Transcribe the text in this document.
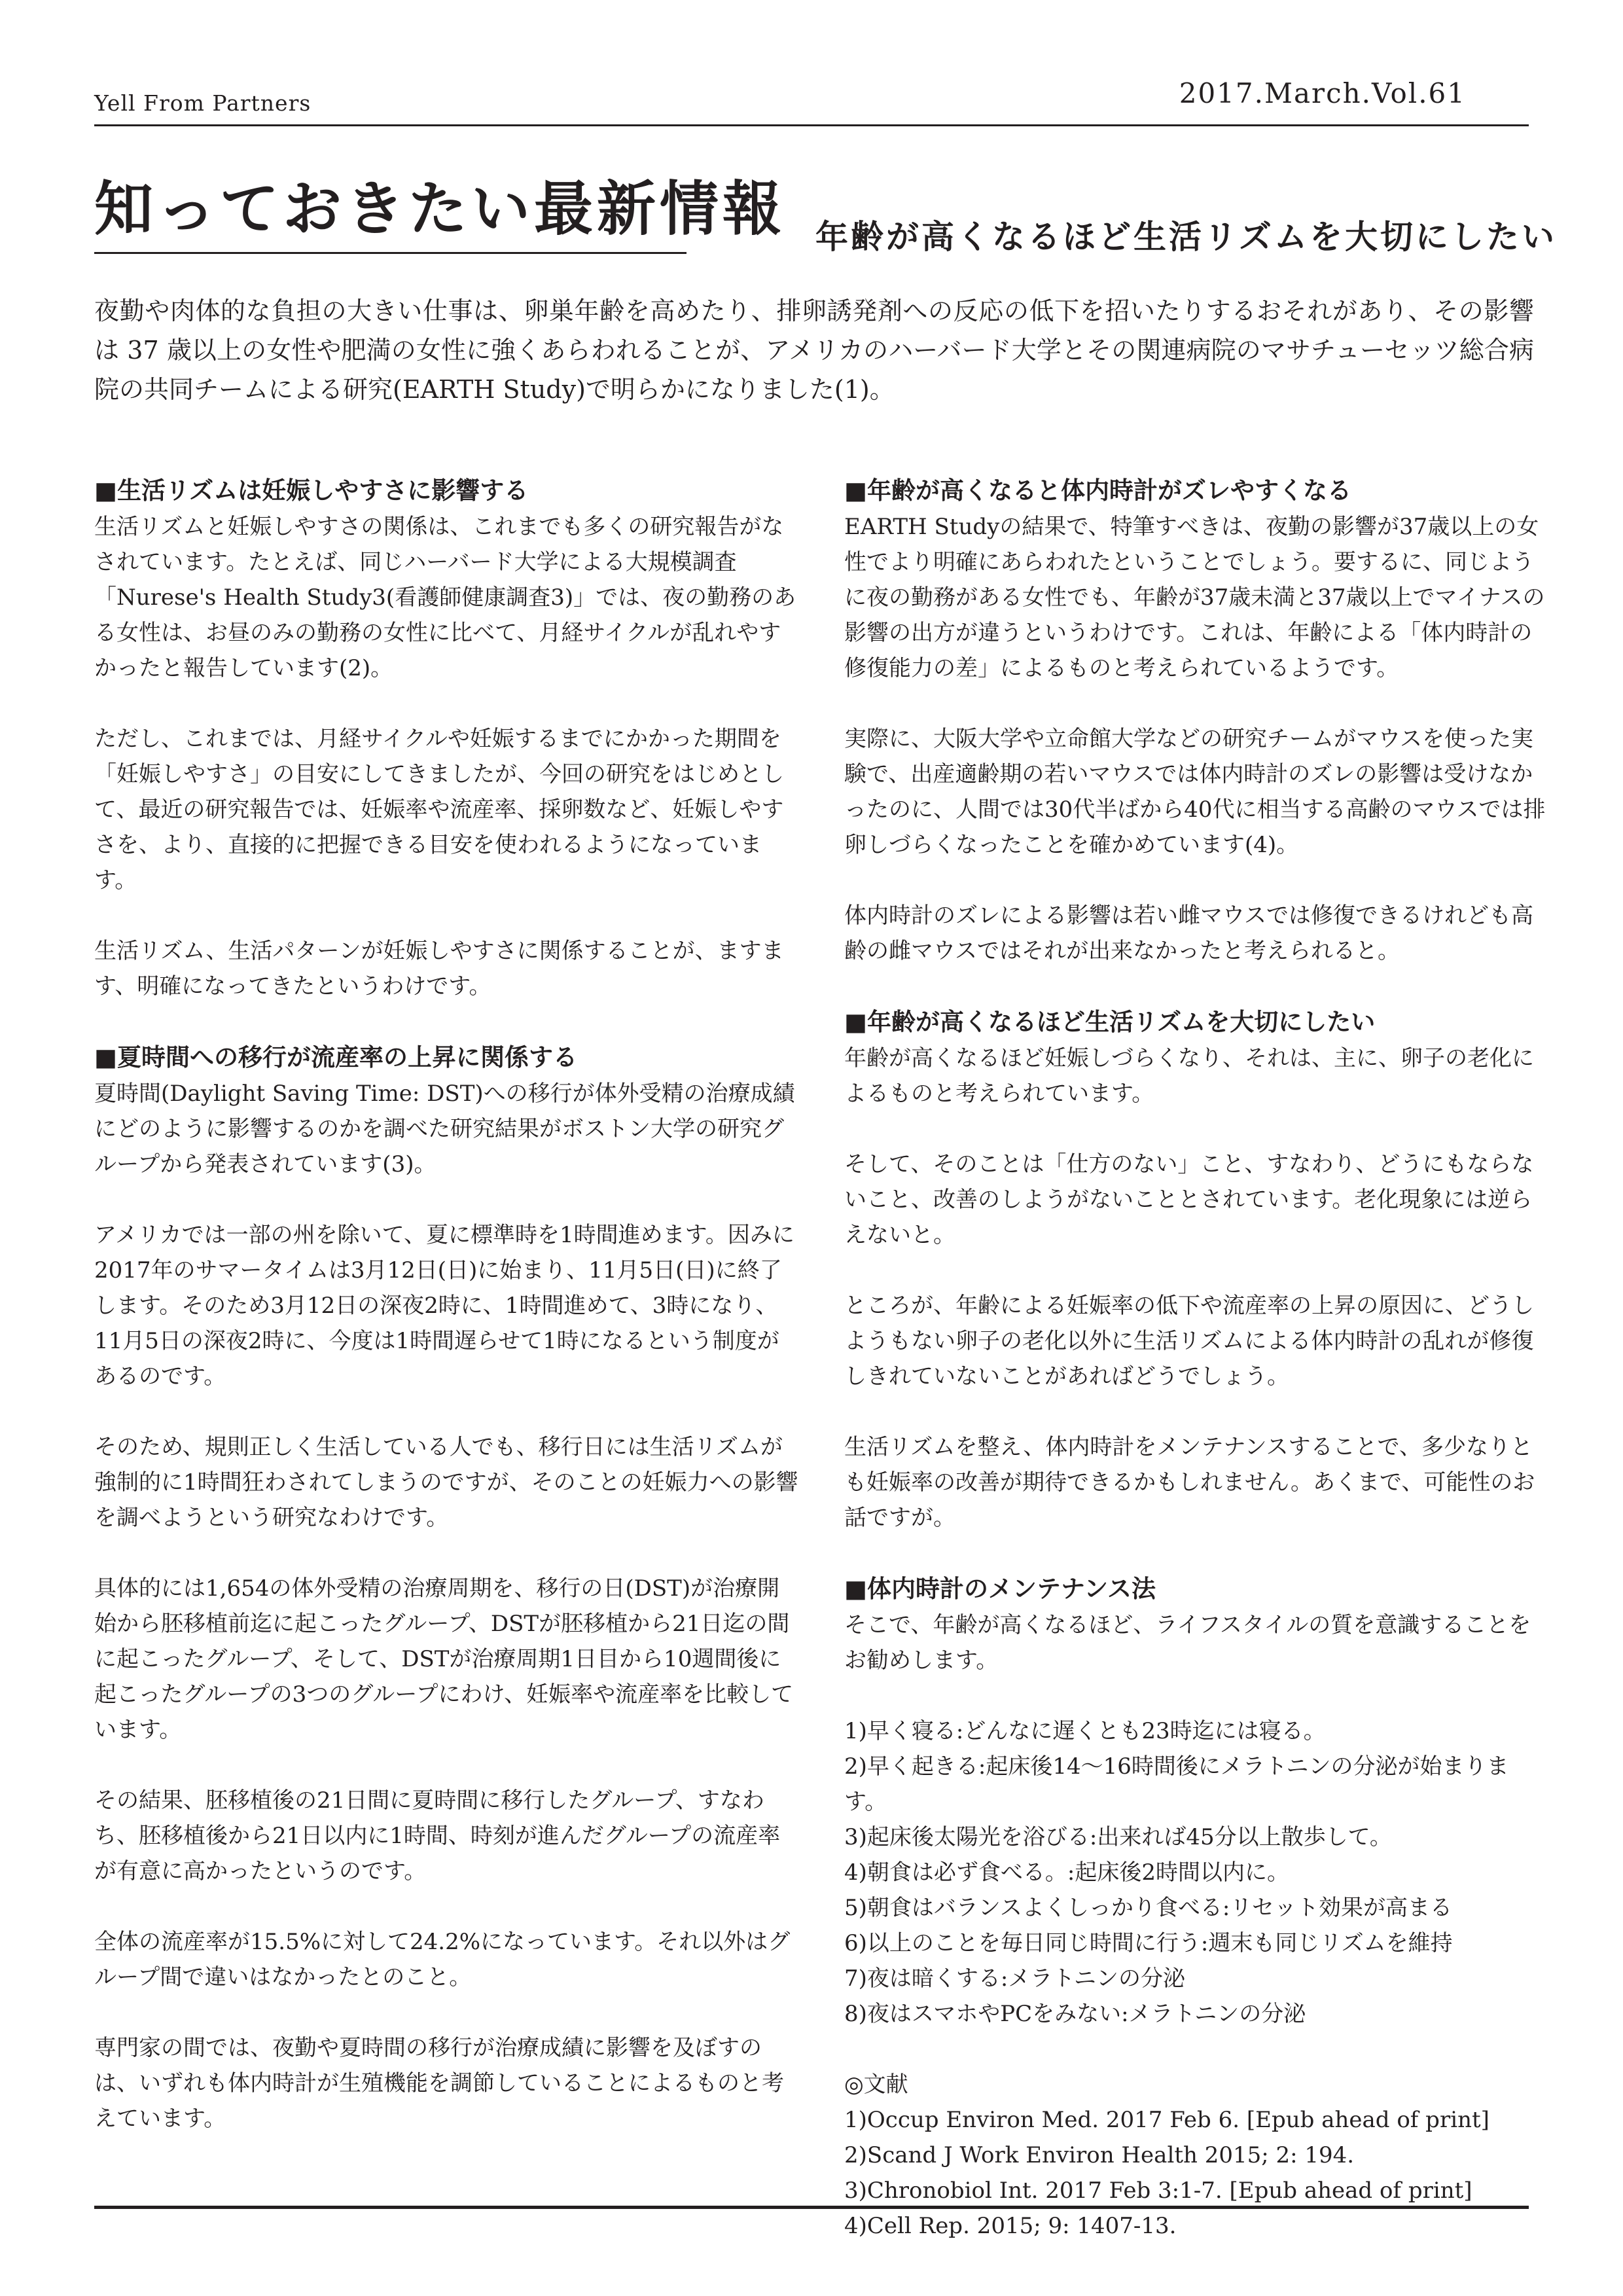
Yell From Partners	2017.March.Vol.61
知っておきたい最新情報 年齢が高くなるほど生活リズムを大切にしたい

夜勤や肉体的な負担の大きい仕事は、卵巣年齢を高めたり、排卵誘発剤への反応の低下を招いたりするおそれがあり、その影響は 37 歳以上の女性や肥満の女性に強くあらわれることが、アメリカのハーバード大学とその関連病院のマサチューセッツ総合病院の共同チームによる研究(EARTH Study)で明らかになりました(1)。

■生活リズムは妊娠しやすさに影響する

生活リズムと妊娠しやすさの関係は、これまでも多くの研究報告がなされています。たとえば、同じハーバード大学による大規模調査「Nurese's Health Study3(看護師健康調査3)」では、夜の勤務のある女性は、お昼のみの勤務の女性に比べて、月経サイクルが乱れやすかったと報告しています(2)。

ただし、これまでは、月経サイクルや妊娠するまでにかかった期間を「妊娠しやすさ」の目安にしてきましたが、今回の研究をはじめとして、最近の研究報告では、妊娠率や流産率、採卵数など、妊娠しやすさを、より、直接的に把握できる目安を使われるようになっています。

生活リズム、生活パターンが妊娠しやすさに関係することが、ますます、明確になってきたというわけです。

■夏時間への移行が流産率の上昇に関係する

夏時間(Daylight Saving Time: DST)への移行が体外受精の治療成績にどのように影響するのかを調べた研究結果がボストン大学の研究グループから発表されています(3)。

アメリカでは一部の州を除いて、夏に標準時を1時間進めます。因みに2017年のサマータイムは3月12日(日)に始まり、11月5日(日)に終了します。そのため3月12日の深夜2時に、1時間進めて、3時になり、11月5日の深夜2時に、今度は1時間遅らせて1時になるという制度があるのです。

そのため、規則正しく生活している人でも、移行日には生活リズムが強制的に1時間狂わされてしまうのですが、そのことの妊娠力への影響を調べようという研究なわけです。

具体的には1,654の体外受精の治療周期を、移行の日(DST)が治療開始から胚移植前迄に起こったグループ、DSTが胚移植から21日迄の間に起こったグループ、そして、DSTが治療周期1日目から10週間後に起こったグループの3つのグループにわけ、妊娠率や流産率を比較しています。

その結果、胚移植後の21日間に夏時間に移行したグループ、すなわち、胚移植後から21日以内に1時間、時刻が進んだグループの流産率が有意に高かったというのです。

全体の流産率が15.5%に対して24.2%になっています。それ以外はグループ間で違いはなかったとのこと。

専門家の間では、夜勤や夏時間の移行が治療成績に影響を及ぼすのは、いずれも体内時計が生殖機能を調節していることによるものと考えています。

■年齢が高くなると体内時計がズレやすくなる

EARTH Studyの結果で、特筆すべきは、夜勤の影響が37歳以上の女性でより明確にあらわれたということでしょう。要するに、同じように夜の勤務がある女性でも、年齢が37歳未満と37歳以上でマイナスの影響の出方が違うというわけです。これは、年齢による「体内時計の修復能力の差」によるものと考えられているようです。

実際に、大阪大学や立命館大学などの研究チームがマウスを使った実験で、出産適齢期の若いマウスでは体内時計のズレの影響は受けなかったのに、人間では30代半ばから40代に相当する高齢のマウスでは排卵しづらくなったことを確かめています(4)。

体内時計のズレによる影響は若い雌マウスでは修復できるけれども高齢の雌マウスではそれが出来なかったと考えられると。

■年齢が高くなるほど生活リズムを大切にしたい

年齢が高くなるほど妊娠しづらくなり、それは、主に、卵子の老化によるものと考えられています。

そして、そのことは「仕方のない」こと、すなわり、どうにもならないこと、改善のしようがないこととされています。老化現象には逆らえないと。

ところが、年齢による妊娠率の低下や流産率の上昇の原因に、どうしようもない卵子の老化以外に生活リズムによる体内時計の乱れが修復しきれていないことがあればどうでしょう。

生活リズムを整え、体内時計をメンテナンスすることで、多少なりとも妊娠率の改善が期待できるかもしれません。あくまで、可能性のお話ですが。

■体内時計のメンテナンス法

そこで、年齢が高くなるほど、ライフスタイルの質を意識することをお勧めします。

1)早く寝る:どんなに遅くとも23時迄には寝る。

2)早く起きる:起床後14〜16時間後にメラトニンの分泌が始まります。

3)起床後太陽光を浴びる:出来れば45分以上散歩して。

4)朝食は必ず食べる。:起床後2時間以内に。

5)朝食はバランスよくしっかり食べる:リセット効果が高まる

6)以上のことを毎日同じ時間に行う:週末も同じリズムを維持

7)夜は暗くする:メラトニンの分泌

8)夜はスマホやPCをみない:メラトニンの分泌

◎文献

1)Occup Environ Med. 2017 Feb 6. [Epub ahead of print]

2)Scand J Work Environ Health 2015; 2: 194.

3)Chronobiol Int. 2017 Feb 3:1-7. [Epub ahead of print]

4)Cell Rep. 2015; 9: 1407-13.
